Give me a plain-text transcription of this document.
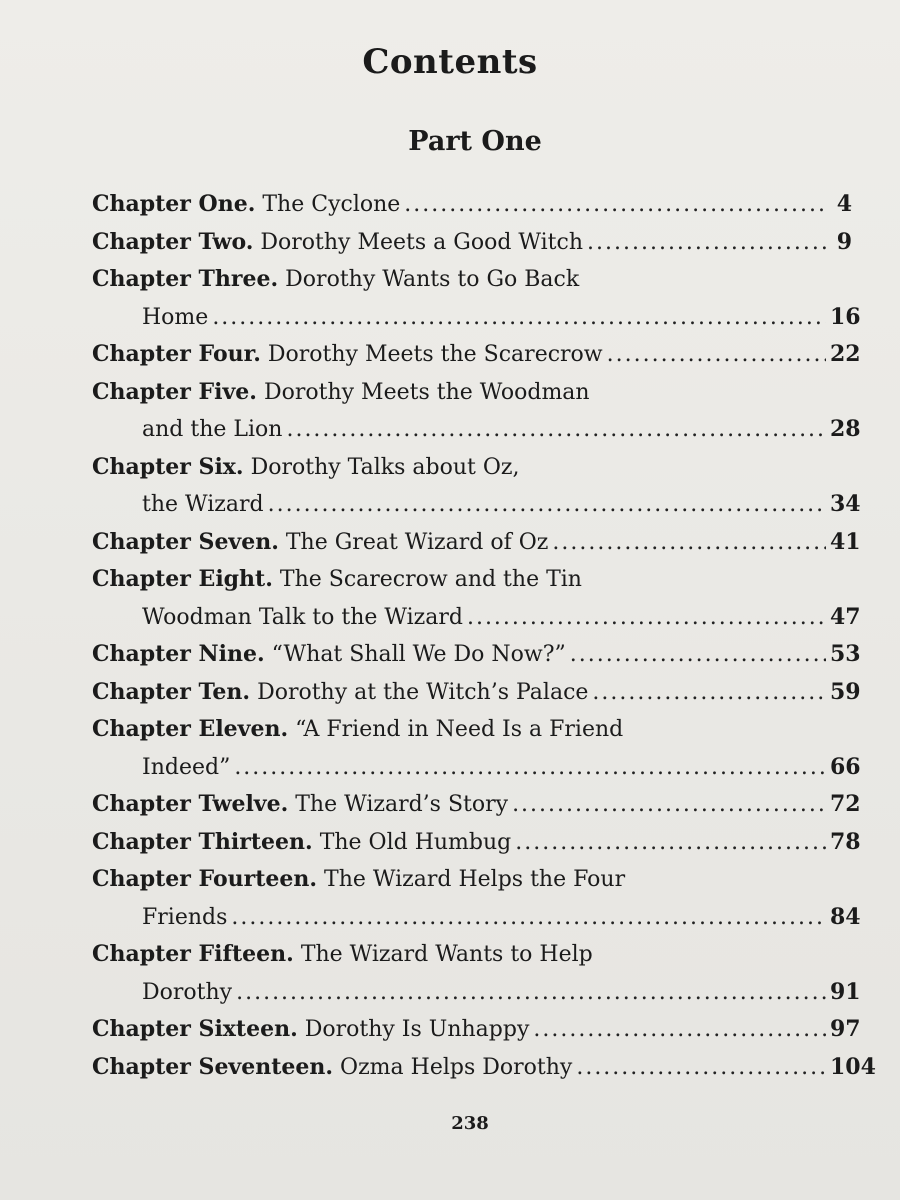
Contents
Part One
Chapter One. The Cyclone .....	4
Chapter Two. Dorothy Meets a Good Witch .....	9
Chapter Three. Dorothy Wants to Go Back
Home .....	16
Chapter Four. Dorothy Meets the Scarecrow .....	22
Chapter Five. Dorothy Meets the Woodman
and the Lion .....	28
Chapter Six. Dorothy Talks about Oz,
the Wizard .....	34
Chapter Seven. The Great Wizard of Oz .....	41
Chapter Eight. The Scarecrow and the Tin
Woodman Talk to the Wizard .....	47
Chapter Nine. “What Shall We Do Now?” .....	53
Chapter Ten. Dorothy at the Witch’s Palace .....	59
Chapter Eleven. “A Friend in Need Is a Friend
Indeed” .....	66
Chapter Twelve. The Wizard’s Story .....	72
Chapter Thirteen. The Old Humbug .....	78
Chapter Fourteen. The Wizard Helps the Four
Friends .....	84
Chapter Fifteen. The Wizard Wants to Help
Dorothy .....	91
Chapter Sixteen. Dorothy Is Unhappy .....	97
Chapter Seventeen. Ozma Helps Dorothy .....	104
238
